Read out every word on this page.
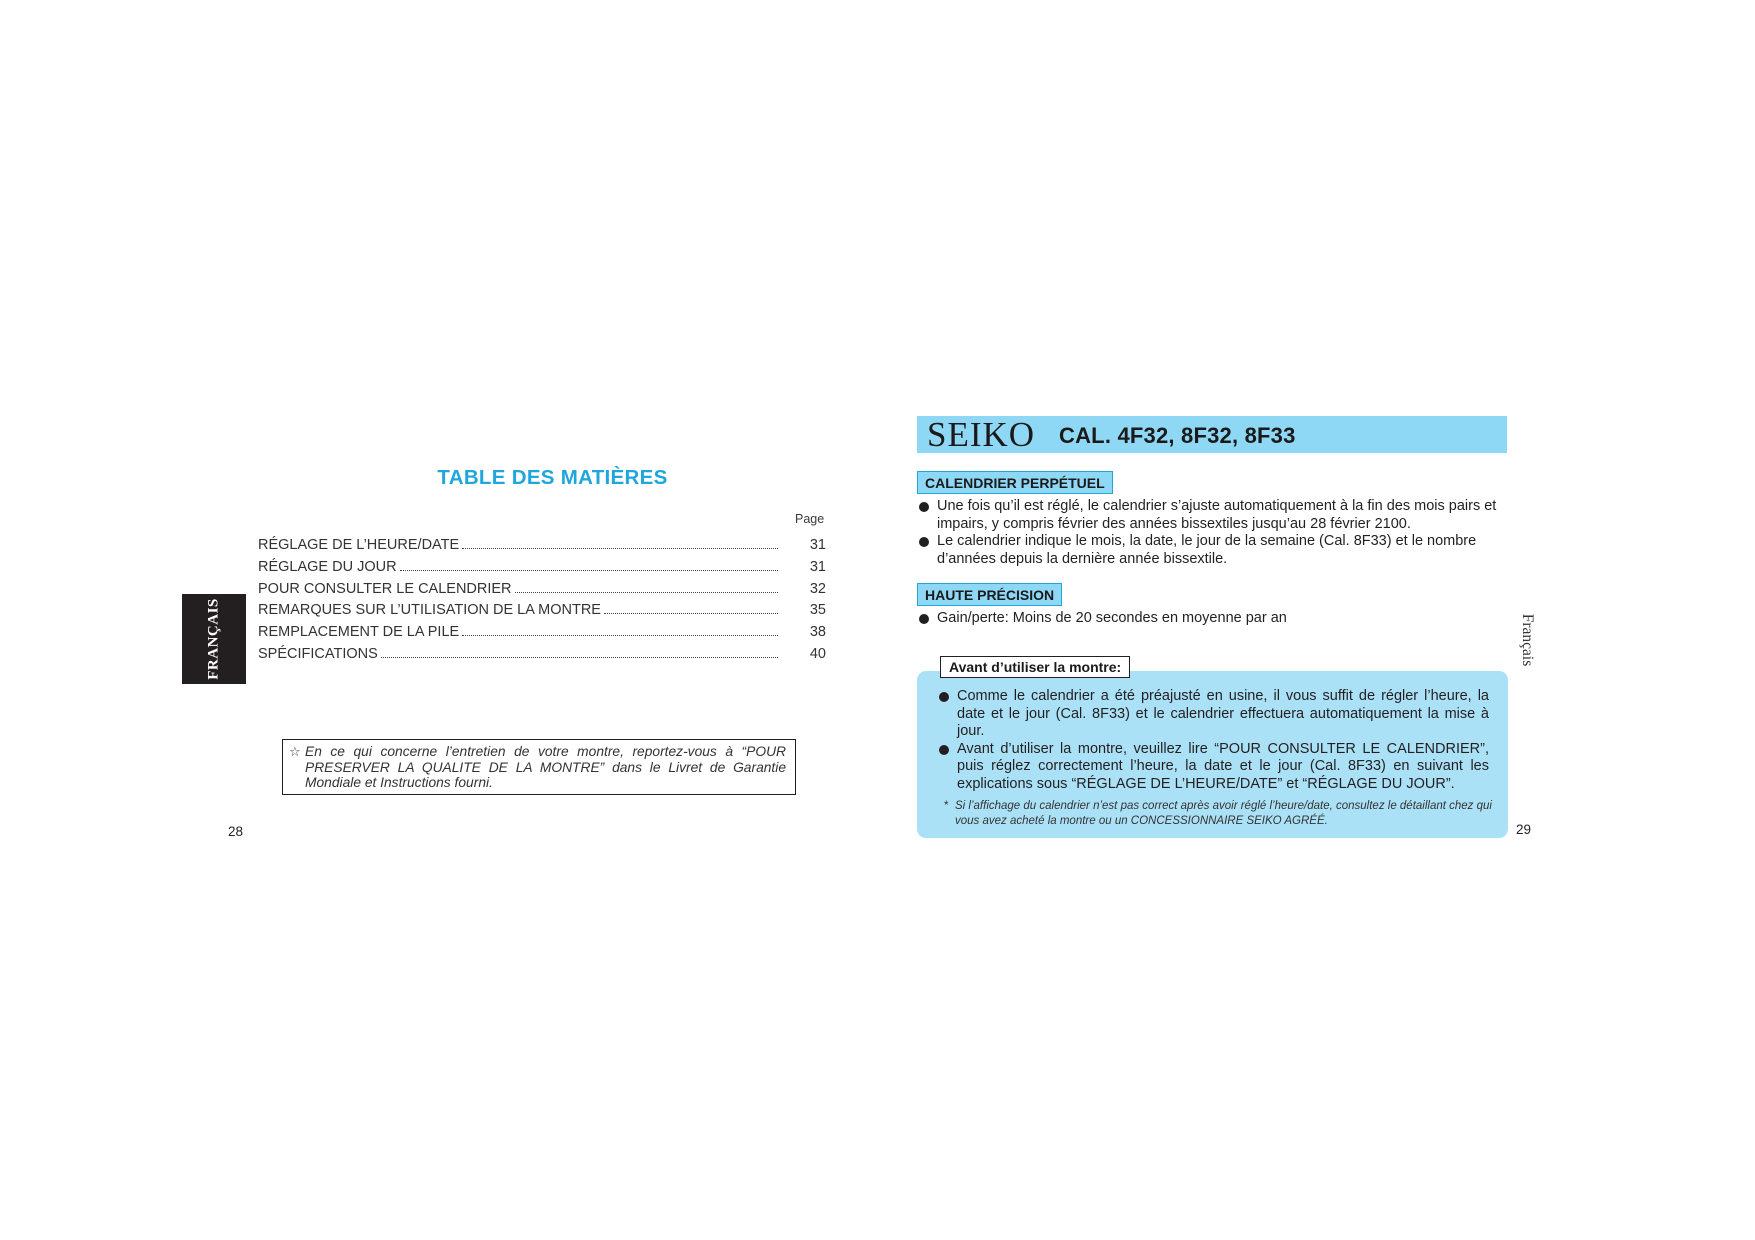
TABLE DES MATIÈRES
Page
RÉGLAGE DE L’HEURE/DATE	31
RÉGLAGE DU JOUR	31
POUR CONSULTER LE CALENDRIER	32
REMARQUES SUR L’UTILISATION DE LA MONTRE	35
REMPLACEMENT DE LA PILE	38
SPÉCIFICATIONS	40
FRANÇAIS
☆ En ce qui concerne l’entretien de votre montre, reportez-vous à “POUR PRESERVER LA QUALITE DE LA MONTRE” dans le Livret de Garantie Mondiale et Instructions fourni.
28
SEIKO CAL. 4F32, 8F32, 8F33
CALENDRIER PERPÉTUEL
Une fois qu’il est réglé, le calendrier s’ajuste automatiquement à la fin des mois pairs et impairs, y compris février des années bissextiles jusqu’au 28 février 2100.
Le calendrier indique le mois, la date, le jour de la semaine (Cal. 8F33) et le nombre d’années depuis la dernière année bissextile.
HAUTE PRÉCISION
Gain/perte: Moins de 20 secondes en moyenne par an
Avant d’utiliser la montre:
Comme le calendrier a été préajusté en usine, il vous suffit de régler l’heure, la date et le jour (Cal. 8F33) et le calendrier effectuera automatiquement la mise à jour.
Avant d’utiliser la montre, veuillez lire “POUR CONSULTER LE CALENDRIER”, puis réglez correctement l’heure, la date et le jour (Cal. 8F33) en suivant les explications sous “RÉGLAGE DE L’HEURE/DATE” et “RÉGLAGE DU JOUR”.
* Si l’affichage du calendrier n’est pas correct après avoir réglé l’heure/date, consultez le détaillant chez qui vous avez acheté la montre ou un CONCESSIONNAIRE SEIKO AGRÉÉ.
Français
29
